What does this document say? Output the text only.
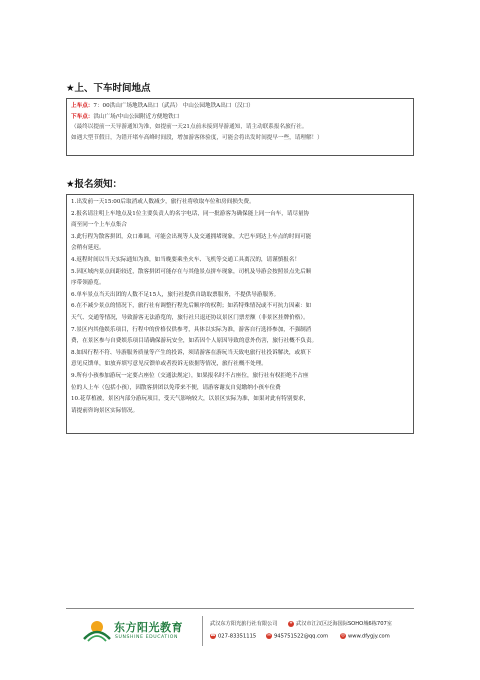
★上、下车时间地点
上车点：7：00洪山广场地铁A出口（武昌） 中山公园地铁A出口（汉口）
下车点：洪山广场/中山公园附近方便地铁口
（最终以提前一天导游通知为准，如提前一天21点前未接到导游通知，请主动联系报名旅行社。
如遇大型节假日，为错开堵车高峰时间段，增加游客体验度，可能会将出发时间提早一些，请理解！）
★报名须知：
1.出发前一天15:00后取消或人数减少，旅行社将收取车位和房间损失费。
2.报名请注明上车地点及1位主要负责人的名字电话，同一批游客为确保能上同一台车，请尽量协
商至同一个上车点集合
3.此行程为散客拼团，众口难调，可能会出现等人及交通拥堵现象，大巴车到达上车点的时间可能
会稍有延迟。
4.返程时间以当天实际通知为准，如当晚要乘坐火车、飞机等交通工具离汉的，请谨慎报名！
5.因区域内景点间距较近，散客拼团可能存在与其他景点拼车现象，司机及导游会按照景点先后顺
序带领游览。
6.单车景点当天出团的人数不足15人，旅行社提供自助取票服务，不提供导游服务。
6.在不减少景点的情况下，旅行社有调整行程先后顺序的权利；如若特殊情况或不可抗力因素：如
天气、交通等情况，导致游客无法游览的，旅行社只退还协议景区门票差额（非景区挂牌价格）。
7.景区内其他娱乐项目，行程中的价格仅供参考，具体以实际为准，游客自行选择参加，不强制消
费，在景区参与自费娱乐项目请确保游玩安全，如若因个人原因导致的意外伤害，旅行社概不负责。
8.如因行程不符、导游服务质量等产生的投诉，须请游客在游玩当天致电旅行社投诉解决，或填下
意见反馈单，如放弃填写意见反馈单或者投诉无依据等情况，旅行社概不处理。
9.所有小孩参加游玩一定要占座位（交通法规定），如果报名时不占座位，旅行社有权拒绝不占座
位的人上车（包括小孩），因散客拼团以免带来不便，请游客谢友自觉缴纳小孩车位费
10.花草植被，景区内部分游玩项目，受天气影响较大，以景区实际为准，如果对此有特别要求，
请提前咨询景区实际情况。
东方阳光教育
SUNSHINE EDUCATION
武汉东方阳光旅行社有限公司	⌖ 武汉市江汉区泛海国际SOHO城6栋707室
☎ 027-83351115 ✉ 945751522@qq.com	◎ www.dfygjy.com
